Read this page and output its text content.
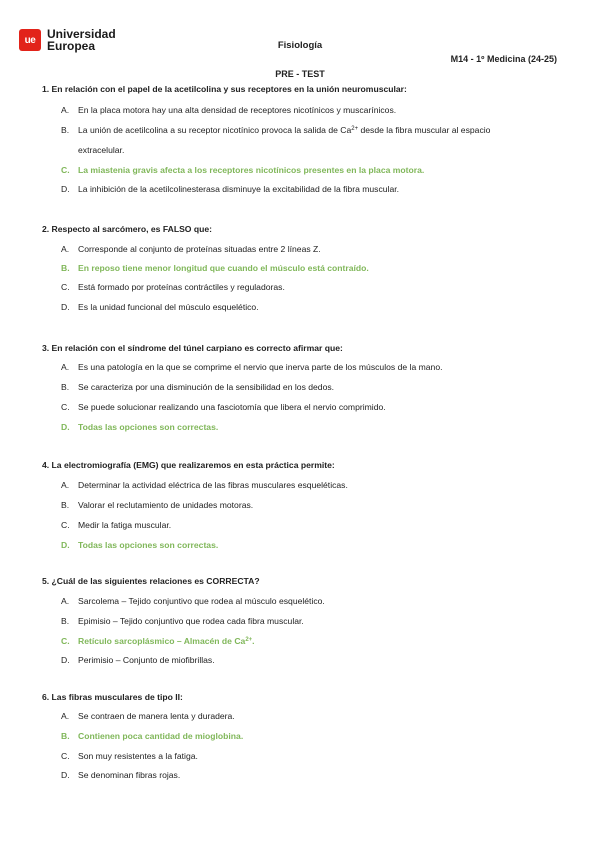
ue Universidad
Europea	Fisiología
M14 - 1º Medicina (24-25)
PRE - TEST
1. En relación con el papel de la acetilcolina y sus receptores en la unión neuromuscular:
A. En la placa motora hay una alta densidad de receptores nicotínicos y muscarínicos.
B. La unión de acetilcolina a su receptor nicotínico provoca la salida de $Ca^{2+}$ desde la fibra muscular al espacio
extracelular.
C. La miastenia gravis afecta a los receptores nicotínicos presentes en la placa motora.
D. La inhibición de la acetilcolinesterasa disminuye la excitabilidad de la fibra muscular.
2. Respecto al sarcómero, es FALSO que:
A. Corresponde al conjunto de proteínas situadas entre 2 líneas Z.
B. En reposo tiene menor longitud que cuando el músculo está contraído.
C. Está formado por proteínas contráctiles y reguladoras.
D. Es la unidad funcional del músculo esquelético.
3. En relación con el síndrome del túnel carpiano es correcto afirmar que:
A. Es una patología en la que se comprime el nervio que inerva parte de los músculos de la mano.
B. Se caracteriza por una disminución de la sensibilidad en los dedos.
C. Se puede solucionar realizando una fasciotomía que libera el nervio comprimido.
D. Todas las opciones son correctas.
4. La electromiografía (EMG) que realizaremos en esta práctica permite:
A. Determinar la actividad eléctrica de las fibras musculares esqueléticas.
B. Valorar el reclutamiento de unidades motoras.
C. Medir la fatiga muscular.
D. Todas las opciones son correctas.
5. ¿Cuál de las siguientes relaciones es CORRECTA?
A. Sarcolema – Tejido conjuntivo que rodea al músculo esquelético.
B. Epimisio – Tejido conjuntivo que rodea cada fibra muscular.
C. Retículo sarcoplásmico – Almacén de $Ca^{2+}$.
D. Perimisio – Conjunto de miofibrillas.
6. Las fibras musculares de tipo II:
A. Se contraen de manera lenta y duradera.
B. Contienen poca cantidad de mioglobina.
C. Son muy resistentes a la fatiga.
D. Se denominan fibras rojas.
